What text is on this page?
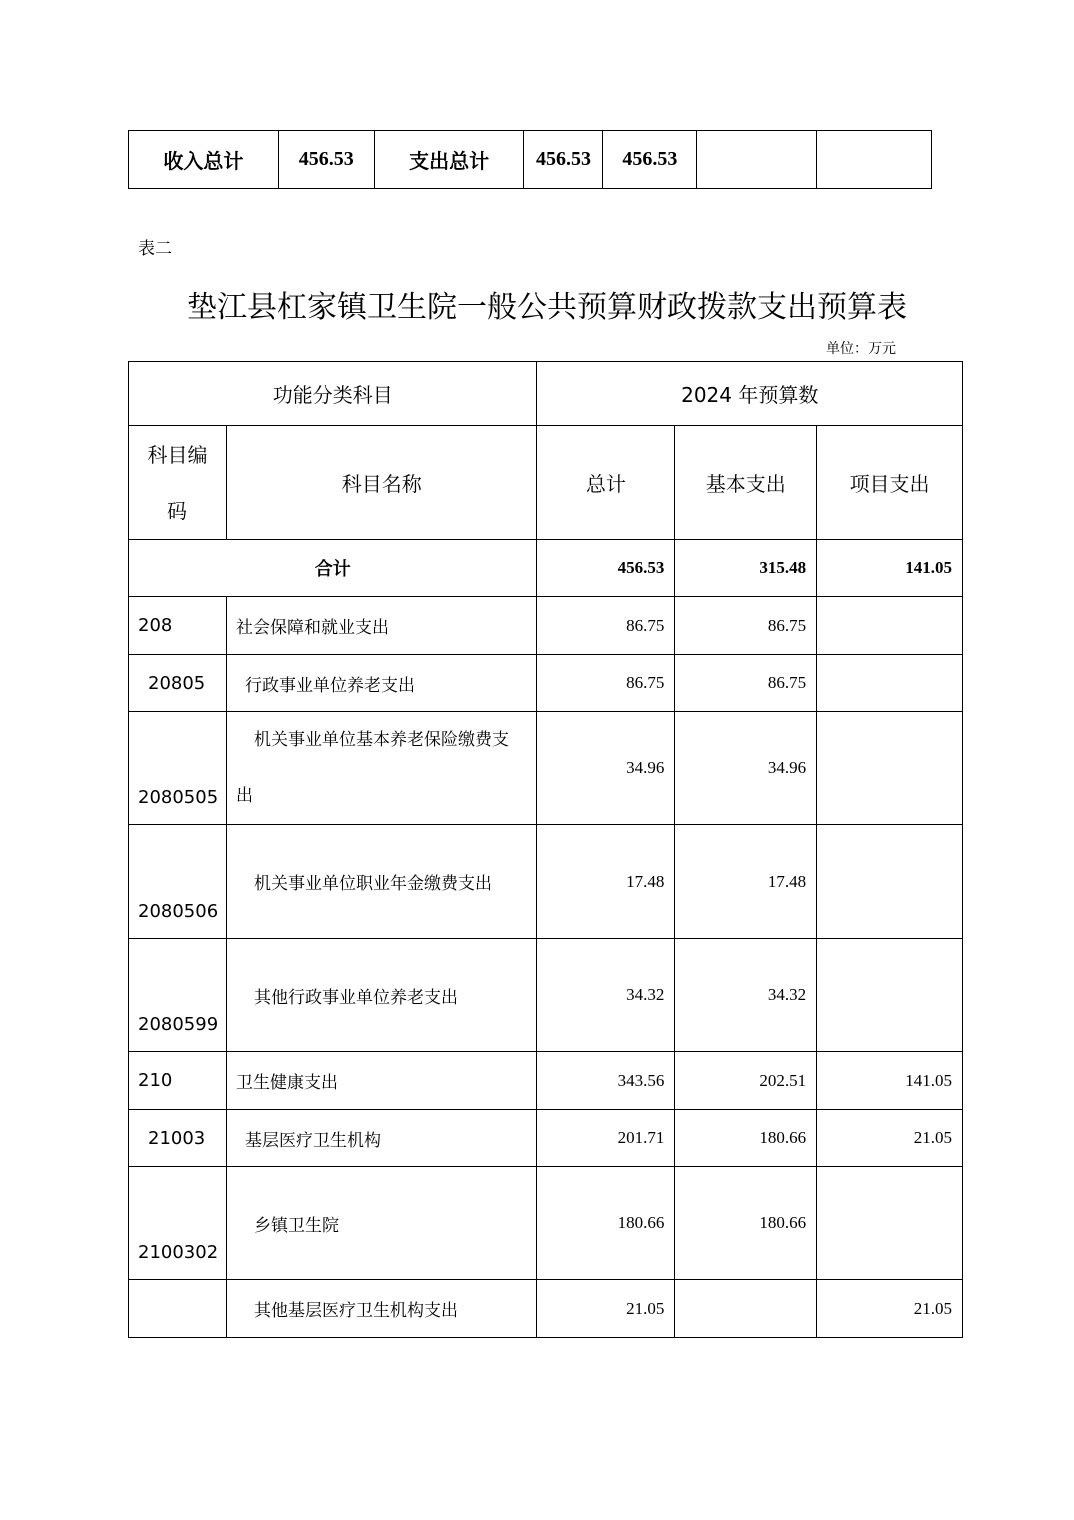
收入总计	456.53	支出总计	456.53	456.53		
表二
垫江县杠家镇卫生院一般公共预算财政拨款支出预算表
单位：万元
功能分类科目		2024 年预算数		

科目编
码	科目名称	总计	基本支出	项目支出
合计		456.53	315.48	141.05
208	社会保障和就业支出	86.75	86.75	
20805	行政事业单位养老支出	86.75	86.75	
2080505	机关事业单位基本养老保险缴费支
出	34.96	34.96	
2080506	机关事业单位职业年金缴费支出	17.48	17.48	
2080599	其他行政事业单位养老支出	34.32	34.32	
210	卫生健康支出	343.56	202.51	141.05
21003	基层医疗卫生机构	201.71	180.66	21.05
2100302	乡镇卫生院	180.66	180.66	
	其他基层医疗卫生机构支出	21.05		21.05
